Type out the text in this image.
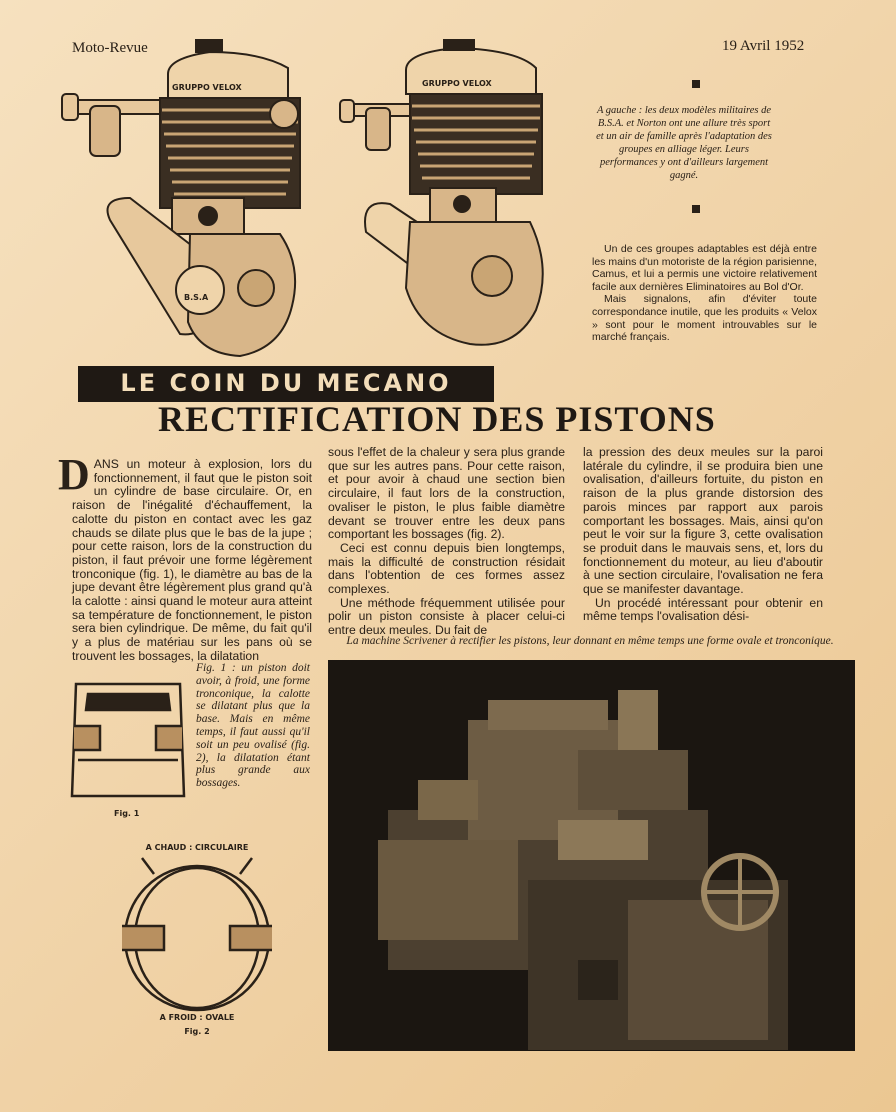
Moto-Revue	19 Avril 1952
GRUPPO VELOX
B.S.A
GRUPPO VELOX
A gauche : les deux modèles militaires de B.S.A. et Norton ont une allure très sport et un air de famille après l'adaptation des groupes en alliage léger. Leurs performances y ont d'ailleurs largement gagné.

Un de ces groupes adaptables est déjà entre les mains d'un motoriste de la région parisienne, Camus, et lui a permis une victoire relativement facile aux dernières Eliminatoires au Bol d'Or.

Mais signalons, afin d'éviter toute correspondance inutile, que les produits « Velox » sont pour le moment introuvables sur le marché français.

LE COIN DU MECANO
RECTIFICATION DES PISTONS

DANS un moteur à explosion, lors du fonctionnement, il faut que le piston soit un cylindre de base circulaire. Or, en raison de l'inégalité d'échauffement, la calotte du piston en contact avec les gaz chauds se dilate plus que le bas de la jupe ; pour cette raison, lors de la construction du piston, il faut prévoir une forme légèrement tronconique (fig. 1), le diamètre au bas de la jupe devant être légèrement plus grand qu'à la calotte : ainsi quand le moteur aura atteint sa température de fonctionnement, le piston sera bien cylindrique. De même, du fait qu'il y a plus de matériau sur les pans où se trouvent les bossages, la dilatation

sous l'effet de la chaleur y sera plus grande que sur les autres pans. Pour cette raison, et pour avoir à chaud une section bien circulaire, il faut lors de la construction, ovaliser le piston, le plus faible diamètre devant se trouver entre les deux pans comportant les bossages (fig. 2).

Ceci est connu depuis bien longtemps, mais la difficulté de construction résidait dans l'obtention de ces formes assez complexes.

Une méthode fréquemment utilisée pour polir un piston consiste à placer celui-ci entre deux meules. Du fait de

la pression des deux meules sur la paroi latérale du cylindre, il se produira bien une ovalisation, d'ailleurs fortuite, du piston en raison de la plus grande distorsion des parois minces par rapport aux parois comportant les bossages. Mais, ainsi qu'on peut le voir sur la figure 3, cette ovalisation se produit dans le mauvais sens, et, lors du fonctionnement du moteur, au lieu d'aboutir à une section circulaire, l'ovalisation ne fera que se manifester davantage.

Un procédé intéressant pour obtenir en même temps l'ovalisation dési-

Fig. 1
Fig. 1 : un piston doit avoir, à froid, une forme tronconique, la calotte se dilatant plus que la base. Mais en même temps, il faut aussi qu'il soit un peu ovalisé (fig. 2), la dilatation étant plus grande aux bossages.
A CHAUD : CIRCULAIRE
A FROID : OVALE
Fig. 2
La machine Scrivener à rectifier les pistons, leur donnant en même temps une forme ovale et tronconique.
